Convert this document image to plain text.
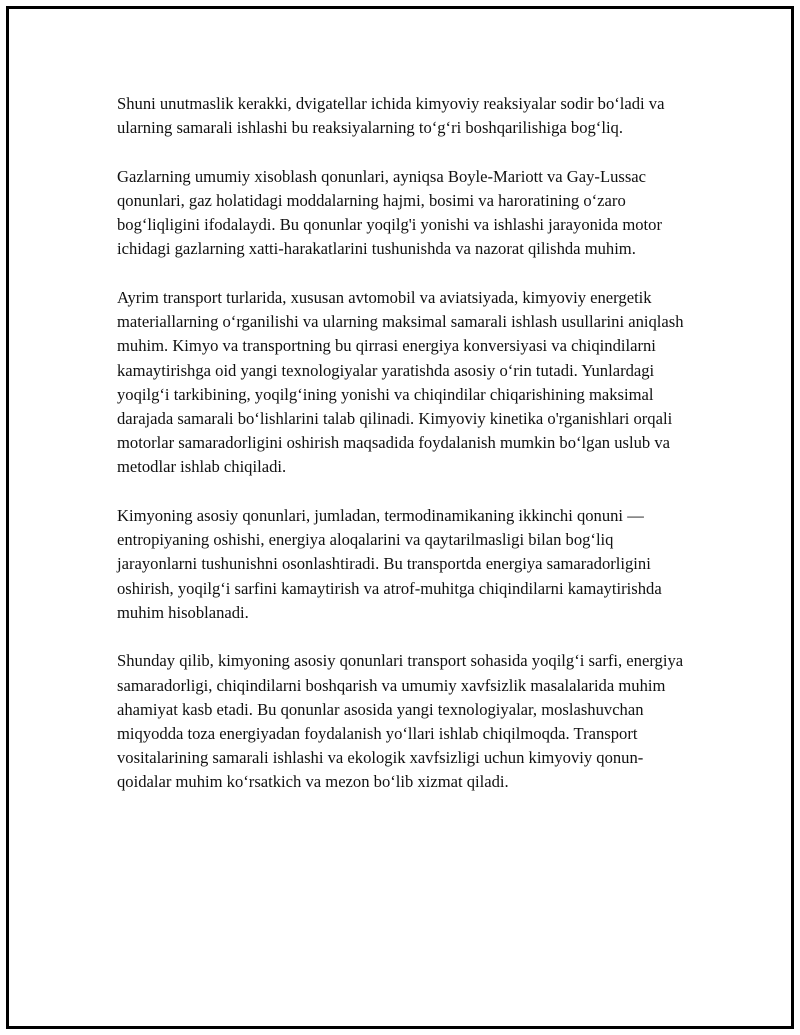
Shuni unutmaslik kerakki, dvigatellar ichida kimyoviy reaksiyalar sodir bo‘ladi va ularning samarali ishlashi bu reaksiyalarning to‘g‘ri boshqarilishiga bog‘liq.

Gazlarning umumiy xisoblash qonunlari, ayniqsa Boyle-Mariott va Gay-Lussac qonunlari, gaz holatidagi moddalarning hajmi, bosimi va haroratining o‘zaro bog‘liqligini ifodalaydi. Bu qonunlar yoqilg'i yonishi va ishlashi jarayonida motor ichidagi gazlarning xatti-harakatlarini tushunishda va nazorat qilishda muhim.

Ayrim transport turlarida, xususan avtomobil va aviatsiyada, kimyoviy energetik materiallarning o‘rganilishi va ularning maksimal samarali ishlash usullarini aniqlash muhim. Kimyo va transportning bu qirrasi energiya konversiyasi va chiqindilarni kamaytirishga oid yangi texnologiyalar yaratishda asosiy o‘rin tutadi. Yunlardagi yoqilg‘i tarkibining, yoqilg‘ining yonishi va chiqindilar chiqarishining maksimal darajada samarali bo‘lishlarini talab qilinadi. Kimyoviy kinetika o'rganishlari orqali motorlar samaradorligini oshirish maqsadida foydalanish mumkin bo‘lgan uslub va metodlar ishlab chiqiladi.

Kimyoning asosiy qonunlari, jumladan, termodinamikaning ikkinchi qonuni — entropiyaning oshishi, energiya aloqalarini va qaytarilmasligi bilan bog‘liq jarayonlarni tushunishni osonlashtiradi. Bu transportda energiya samaradorligini oshirish, yoqilg‘i sarfini kamaytirish va atrof-muhitga chiqindilarni kamaytirishda muhim hisoblanadi.

Shunday qilib, kimyoning asosiy qonunlari transport sohasida yoqilg‘i sarfi, energiya samaradorligi, chiqindilarni boshqarish va umumiy xavfsizlik masalalarida muhim ahamiyat kasb etadi. Bu qonunlar asosida yangi texnologiyalar, moslashuvchan miqyodda toza energiyadan foydalanish yo‘llari ishlab chiqilmoqda. Transport vositalarining samarali ishlashi va ekologik xavfsizligi uchun kimyoviy qonun-qoidalar muhim ko‘rsatkich va mezon bo‘lib xizmat qiladi.
